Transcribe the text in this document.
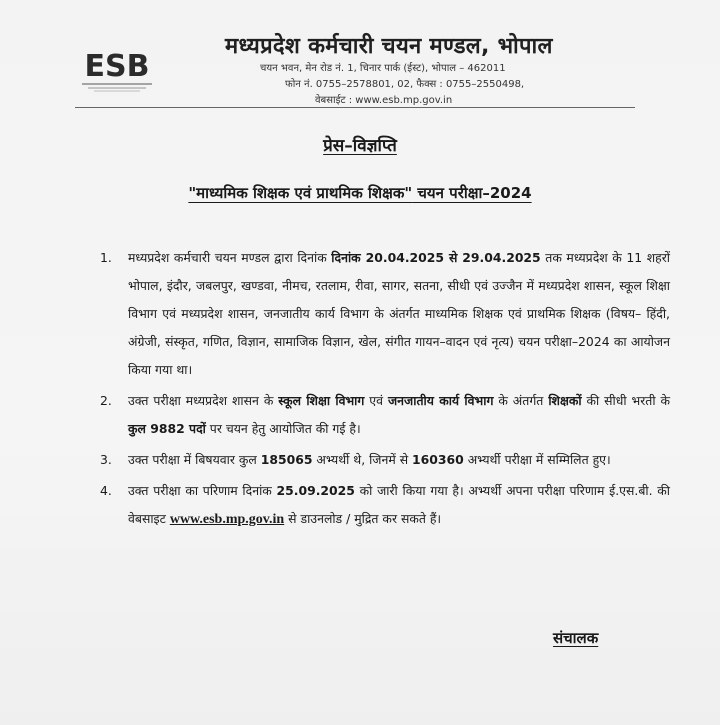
ESB
मध्यप्रदेश कर्मचारी चयन मण्डल, भोपाल
चयन भवन, मेन रोड नं. 1, चिनार पार्क (ईस्ट), भोपाल – 462011
फोन नं. 0755–2578801, 02, फैक्स : 0755–2550498,
वेबसाईट : www.esb.mp.gov.in
प्रेस–विज्ञप्ति
"माध्यमिक शिक्षक एवं प्राथमिक शिक्षक" चयन परीक्षा–2024
1. मध्यप्रदेश कर्मचारी चयन मण्डल द्वारा दिनांक दिनांक 20.04.2025 से 29.04.2025 तक मध्यप्रदेश के 11 शहरों भोपाल, इंदौर, जबलपुर, खण्डवा, नीमच, रतलाम, रीवा, सागर, सतना, सीधी एवं उज्जैन में मध्यप्रदेश शासन, स्कूल शिक्षा विभाग एवं मध्यप्रदेश शासन, जनजातीय कार्य विभाग के अंतर्गत माध्यमिक शिक्षक एवं प्राथमिक शिक्षक (विषय– हिंदी, अंग्रेजी, संस्कृत, गणित, विज्ञान, सामाजिक विज्ञान, खेल, संगीत गायन–वादन एवं नृत्य) चयन परीक्षा–2024 का आयोजन किया गया था।
2. उक्त परीक्षा मध्यप्रदेश शासन के स्कूल शिक्षा विभाग एवं जनजातीय कार्य विभाग के अंतर्गत शिक्षकों की सीधी भरती के कुल 9882 पदों पर चयन हेतु आयोजित की गई है।
3. उक्त परीक्षा में बिषयवार कुल 185065 अभ्यर्थी थे, जिनमें से 160360 अभ्यर्थी परीक्षा में सम्मिलित हुए।
4. उक्त परीक्षा का परिणाम दिनांक 25.09.2025 को जारी किया गया है। अभ्यर्थी अपना परीक्षा परिणाम ई.एस.बी. की वेबसाइट www.esb.mp.gov.in से डाउनलोड / मुद्रित कर सकते हैं।
संचालक
